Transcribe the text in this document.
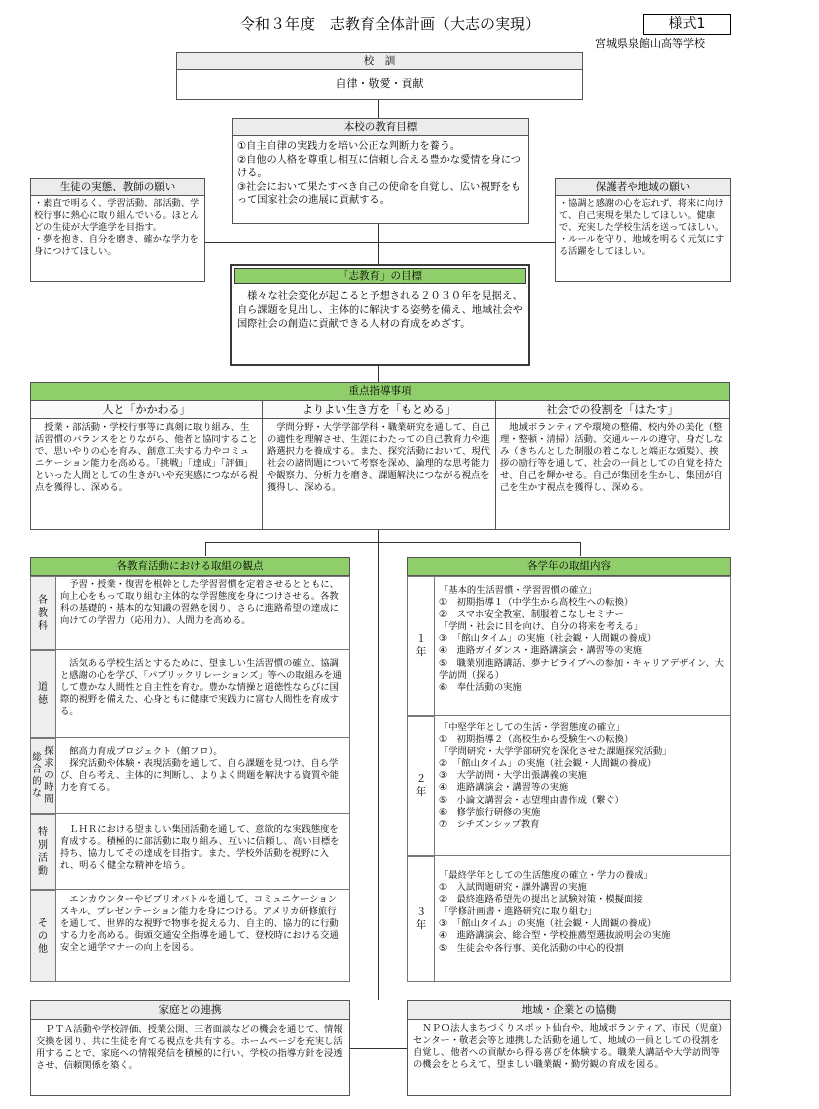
令和３年度　志教育全体計画（大志の実現）	様式1
宮城県泉館山高等学校
校　訓
自律・敬愛・貢献
本校の教育目標
①自主自律の実践力を培い公正な判断力を養う。
②自他の人格を尊重し相互に信頼し合える豊かな愛情を身につける。
③社会において果たすべき自己の使命を自覚し、広い視野をもって国家社会の進展に貢献する。
生徒の実態、教師の願い
・素直で明るく、学習活動、部活動、学校行事に熱心に取り組んでいる。ほとんどの生徒が大学進学を目指す。
・夢を抱き、自分を磨き、確かな学力を身につけてほしい。
保護者や地域の願い
・協調と感謝の心を忘れず、将来に向けて、自己実現を果たしてほしい。健康で、充実した学校生活を送ってほしい。
・ルールを守り、地域を明るく元気にする活躍をしてほしい。
「志教育」の目標
　様々な社会変化が起こると予想される２０３０年を見据え、自ら課題を見出し、主体的に解決する姿勢を備え、地域社会や国際社会の創造に貢献できる人材の育成をめざす。
重点指導事項
人と「かかわる」
　授業・部活動・学校行事等に真剣に取り組み、生活習慣のバランスをとりながら、他者と協同することで、思いやりの心を育み、創意工夫する力やコミュニケーション能力を高める。「挑戦」「達成」「評価」といった人間としての生きがいや充実感につながる視点を獲得し、深める。
よりよい生き方を「もとめる」
　学問分野・大学学部学科・職業研究を通して、自己の適性を理解させ、生涯にわたっての自己教育力や進路選択力を養成する。また、探究活動において、現代社会の諸問題について考察を深め、論理的な思考能力や観察力、分析力を磨き、課題解決につながる視点を獲得し、深める。
社会での役割を「はたす」
　地域ボランティアや環境の整備、校内外の美化（整理・整頓・清掃）活動、交通ルールの遵守、身だしなみ（きちんとした制服の着こなしと端正な頭髪）、挨拶の励行等を通して、社会の一員としての自覚を持たせ、自己を輝かせる。自己が集団を生かし、集団が自己を生かす視点を獲得し、深める。
各教育活動における取組の観点
各
教
科
　予習・授業・復習を根幹とした学習習慣を定着させるとともに、向上心をもって取り組む主体的な学習態度を身につけさせる。各教科の基礎的・基本的な知識の習熟を図り、さらに進路希望の達成に向けての学習力（応用力）、人間力を高める。
道
徳
　活気ある学校生活とするために、望ましい生活習慣の確立、協調と感謝の心を学び、「パブリックリレーションズ」等への取組みを通して豊かな人間性と自主性を育む。豊かな情操と道徳性ならびに国際的視野を備えた、心身ともに健康で実践力に富む人間性を育成する。
総
合
的
な
探
求
の
時
間
　館高力育成プロジェクト（館フロ）。
　探究活動や体験・表現活動を通して、自ら課題を見つけ、自ら学び、自ら考え、主体的に判断し、よりよく問題を解決する資質や能力を育てる。
特
別
活
動
　ＬＨＲにおける望ましい集団活動を通して、意欲的な実践態度を育成する。積極的に部活動に取り組み、互いに信頼し、高い目標を持ち、協力してその達成を目指す。また、学校外活動を視野に入れ、明るく健全な精神を培う。
そ
の
他
　エンカウンターやビブリオバトルを通して、コミュニケーションスキル、プレゼンテーション能力を身につける。アメリカ研修旅行を通して、世界的な視野で物事を捉える力、自主的、協力的に行動する力を高める。街頭交通安全指導を通して、登校時における交通安全と通学マナーの向上を図る。
各学年の取組内容
１
年
「基本的生活習慣・学習習慣の確立」
①　初期指導１（中学生から高校生への転換）
②　スマホ安全教室、制服着こなしセミナー
「学問・社会に目を向け、自分の将来を考える」
③　「館山タイム」の実施（社会観・人間観の養成）
④　進路ガイダンス・進路講演会・講習等の実施
⑤　職業別進路講話、夢ナビライブへの参加・キャリアデザイン、大学訪問（探る）
⑥　奉仕活動の実施
２
年
「中堅学年としての生活・学習態度の確立」
①　初期指導２（高校生から受験生への転換）
「学問研究・大学学部研究を深化させた課題探究活動」
②　「館山タイム」の実施（社会観・人間観の養成）
③　大学訪問・大学出張講義の実施
④　進路講演会・講習等の実施
⑤　小論文講習会・志望理由書作成（繋ぐ）
⑥　修学旅行研修の実施
⑦　シチズンシップ教育
３
年
「最終学年としての生活態度の確立・学力の養成」
①　入試問題研究・課外講習の実施
②　最終進路希望先の提出と試験対策・模擬面接
「学修計画書・進路研究に取り組む」
③　「館山タイム」の実施（社会観・人間観の養成）
④　進路講演会、総合型・学校推薦型選抜説明会の実施
⑤　生徒会や各行事、美化活動の中心的役割
家庭との連携
　ＰＴＡ活動や学校評価、授業公開、三者面談などの機会を通じて、情報交換を図り、共に生徒を育てる視点を共有する。ホームページを充実し活用することで、家庭への情報発信を積極的に行い、学校の指導方針を浸透させ、信頼関係を築く。
地域・企業との協働
　ＮＰＯ法人まちづくりスポット仙台や、地域ボランティア、市民（児童）センター・敬老会等と連携した活動を通して、地域の一員としての役割を自覚し、他者への貢献から得る喜びを体験する。職業人講話や大学訪問等の機会をとらえて、望ましい職業観・勤労観の育成を図る。
